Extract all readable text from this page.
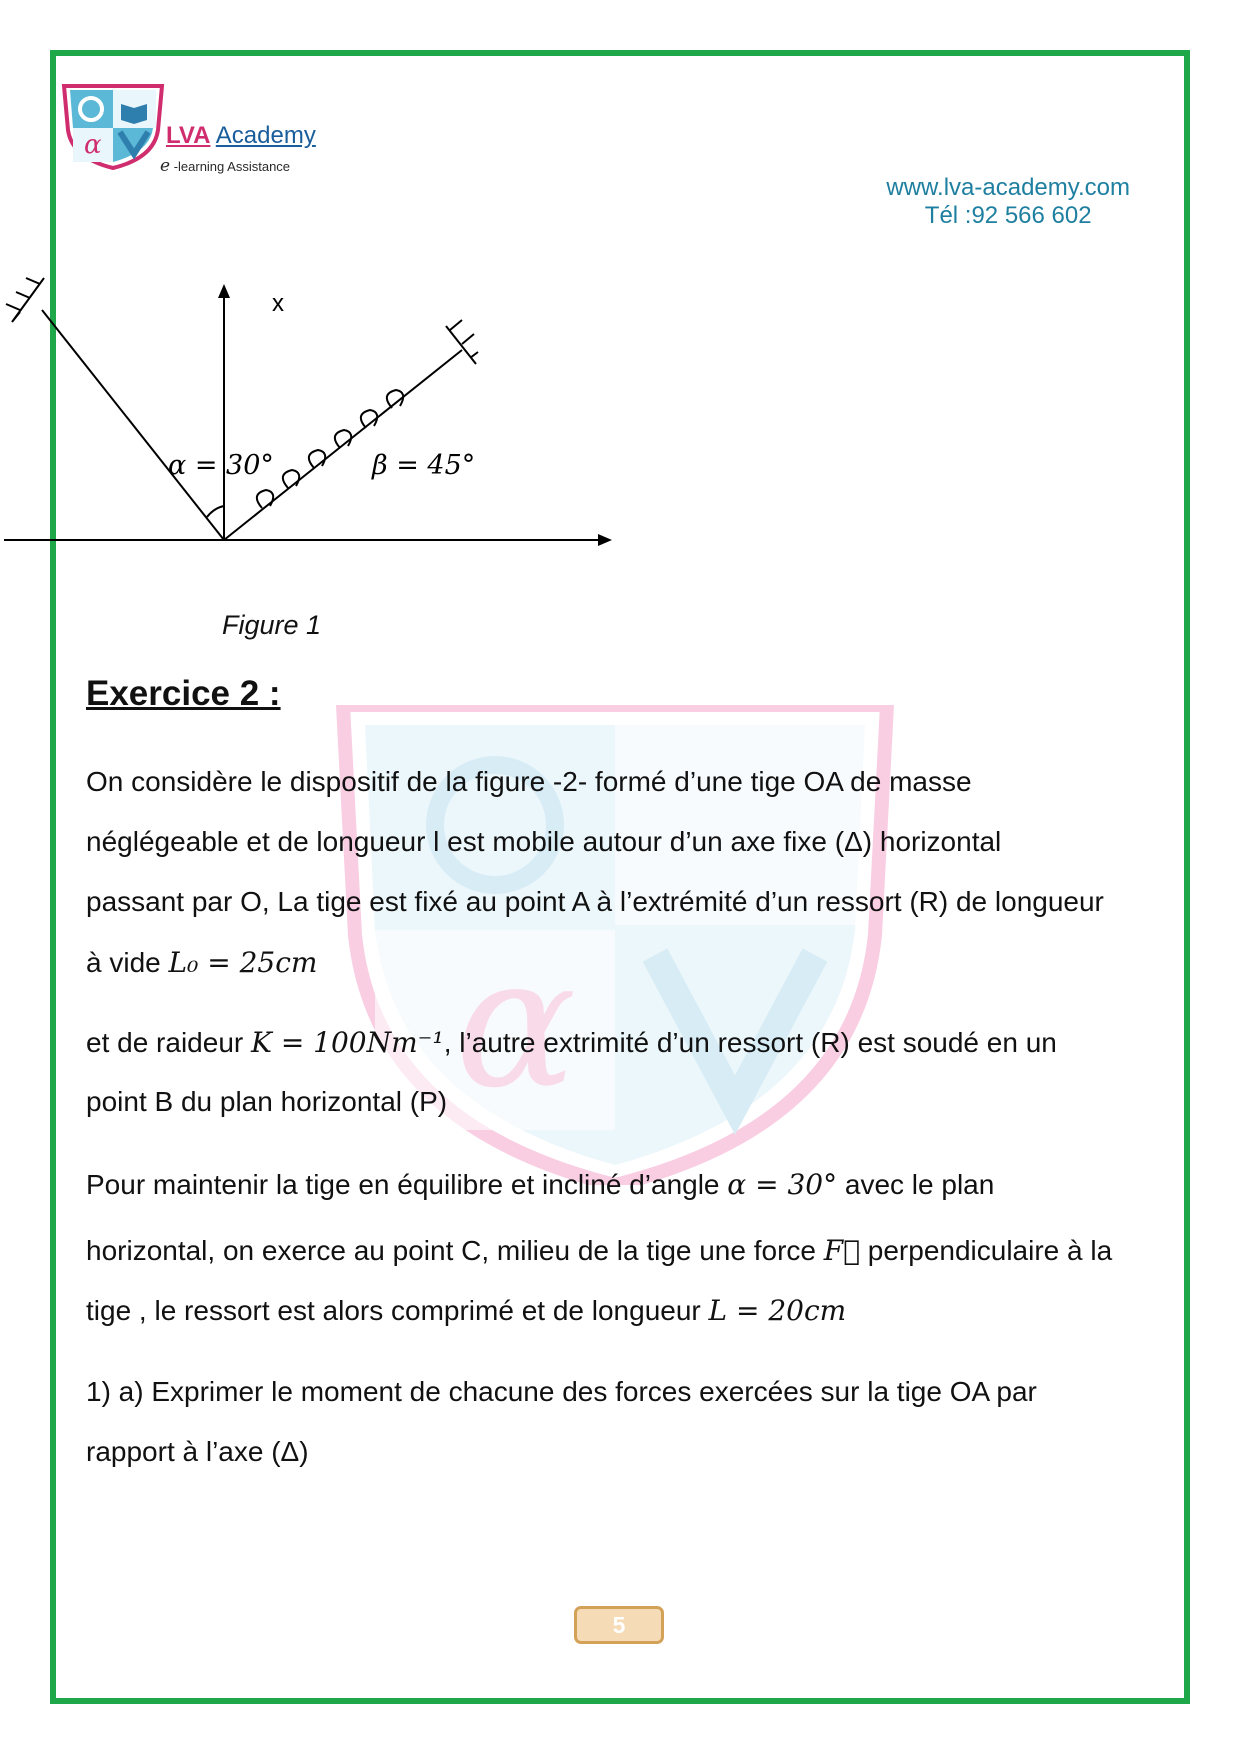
α	LVA Academy
e -learning Assistance
www.lva-academy.com
Tél :92 566 602
x
α = 30°	β = 45°
Figure 1
α
Exercice 2 :
On considère le dispositif de la figure -2- formé d’une tige OA de masse
néglégeable et de longueur l est mobile autour d’un axe fixe (Δ) horizontal
passant par O, La tige est fixé au point A à l’extrémité d’un ressort (R) de longueur
à vide L₀ = 25cm
et de raideur K = 100Nm⁻¹, l’autre extrimité d’un ressort (R) est soudé en un
point B du plan horizontal (P)
Pour maintenir la tige en équilibre et incliné d’angle α = 30° avec le plan
horizontal, on exerce au point C, milieu de la tige une force F⃗ perpendiculaire à la
tige , le ressort est alors comprimé et de longueur L = 20cm
1) a) Exprimer le moment de chacune des forces exercées sur la tige OA par
rapport à l’axe (Δ)
5
